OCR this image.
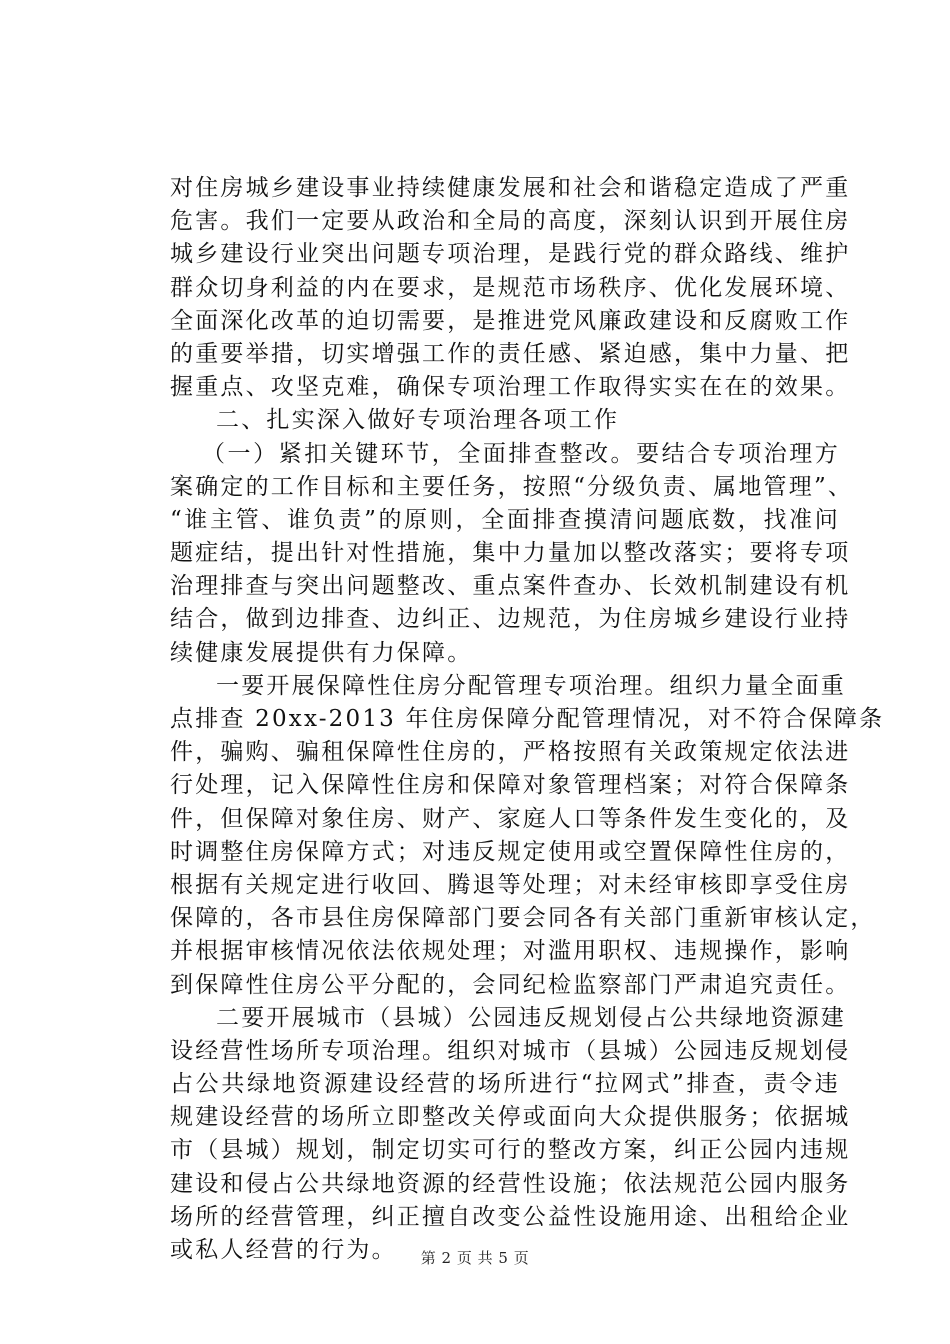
对住房城乡建设事业持续健康发展和社会和谐稳定造成了严重
危害。我们一定要从政治和全局的高度，深刻认识到开展住房
城乡建设行业突出问题专项治理，是践行党的群众路线、维护
群众切身利益的内在要求，是规范市场秩序、优化发展环境、
全面深化改革的迫切需要，是推进党风廉政建设和反腐败工作
的重要举措，切实增强工作的责任感、紧迫感，集中力量、把
握重点、攻坚克难，确保专项治理工作取得实实在在的效果。
二、扎实深入做好专项治理各项工作
（一）紧扣关键环节，全面排查整改。要结合专项治理方
案确定的工作目标和主要任务，按照“分级负责、属地管理”、
“谁主管、谁负责”的原则，全面排查摸清问题底数，找准问
题症结，提出针对性措施，集中力量加以整改落实；要将专项
治理排查与突出问题整改、重点案件查办、长效机制建设有机
结合，做到边排查、边纠正、边规范，为住房城乡建设行业持
续健康发展提供有力保障。
一要开展保障性住房分配管理专项治理。组织力量全面重
点排查 20xx-2013 年住房保障分配管理情况，对不符合保障条
件，骗购、骗租保障性住房的，严格按照有关政策规定依法进
行处理，记入保障性住房和保障对象管理档案；对符合保障条
件，但保障对象住房、财产、家庭人口等条件发生变化的，及
时调整住房保障方式；对违反规定使用或空置保障性住房的，
根据有关规定进行收回、腾退等处理；对未经审核即享受住房
保障的，各市县住房保障部门要会同各有关部门重新审核认定，
并根据审核情况依法依规处理；对滥用职权、违规操作，影响
到保障性住房公平分配的，会同纪检监察部门严肃追究责任。
二要开展城市（县城）公园违反规划侵占公共绿地资源建
设经营性场所专项治理。组织对城市（县城）公园违反规划侵
占公共绿地资源建设经营的场所进行“拉网式”排查，责令违
规建设经营的场所立即整改关停或面向大众提供服务；依据城
市（县城）规划，制定切实可行的整改方案，纠正公园内违规
建设和侵占公共绿地资源的经营性设施；依法规范公园内服务
场所的经营管理，纠正擅自改变公益性设施用途、出租给企业
或私人经营的行为。	第 2 页 共 5 页
